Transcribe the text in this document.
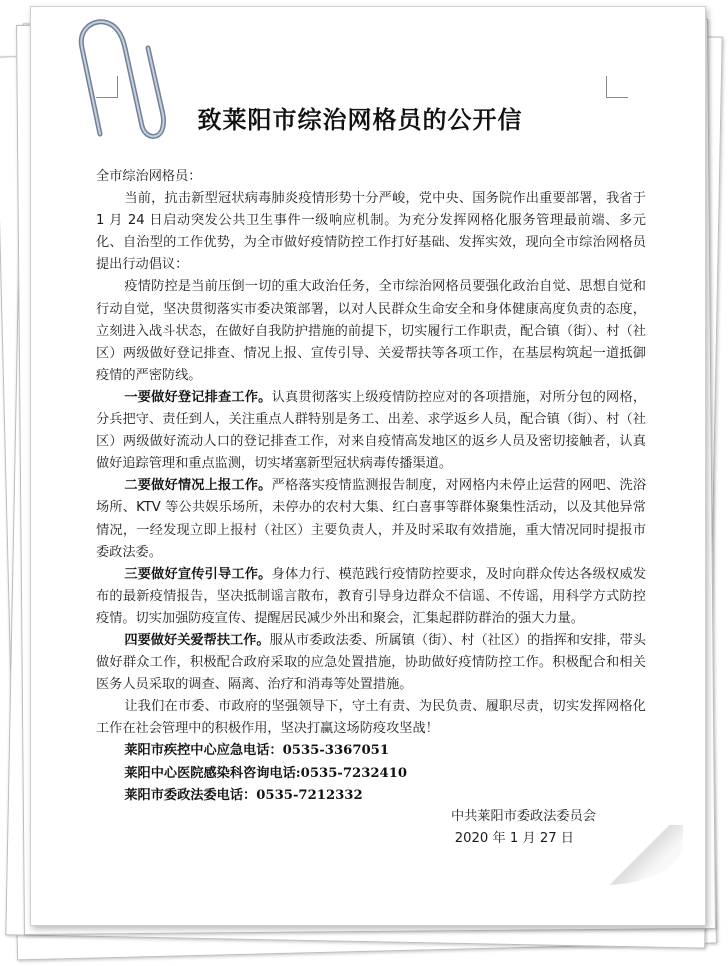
致莱阳市综治网格员的公开信

全市综治网格员：

当前，抗击新型冠状病毒肺炎疫情形势十分严峻，党中央、国务院作出重要部署，我省于 1 月 24 日启动突发公共卫生事件一级响应机制。为充分发挥网格化服务管理最前端、多元化、自治型的工作优势，为全市做好疫情防控工作打好基础、发挥实效，现向全市综治网格员提出行动倡议：

疫情防控是当前压倒一切的重大政治任务，全市综治网格员要强化政治自觉、思想自觉和行动自觉，坚决贯彻落实市委决策部署，以对人民群众生命安全和身体健康高度负责的态度，立刻进入战斗状态，在做好自我防护措施的前提下，切实履行工作职责，配合镇（街）、村（社区）两级做好登记排查、情况上报、宣传引导、关爱帮扶等各项工作，在基层构筑起一道抵御疫情的严密防线。

一要做好登记排查工作。认真贯彻落实上级疫情防控应对的各项措施，对所分包的网格，分兵把守、责任到人，关注重点人群特别是务工、出差、求学返乡人员，配合镇（街）、村（社区）两级做好流动人口的登记排查工作，对来自疫情高发地区的返乡人员及密切接触者，认真做好追踪管理和重点监测，切实堵塞新型冠状病毒传播渠道。

二要做好情况上报工作。严格落实疫情监测报告制度，对网格内未停止运营的网吧、洗浴场所、KTV 等公共娱乐场所，未停办的农村大集、红白喜事等群体聚集性活动，以及其他异常情况，一经发现立即上报村（社区）主要负责人，并及时采取有效措施，重大情况同时提报市委政法委。

三要做好宣传引导工作。身体力行、模范践行疫情防控要求，及时向群众传达各级权威发布的最新疫情报告，坚决抵制谣言散布，教育引导身边群众不信谣、不传谣，用科学方式防控疫情。切实加强防疫宣传、提醒居民减少外出和聚会，汇集起群防群治的强大力量。

四要做好关爱帮扶工作。服从市委政法委、所属镇（街）、村（社区）的指挥和安排，带头做好群众工作，积极配合政府采取的应急处置措施，协助做好疫情防控工作。积极配合和相关医务人员采取的调查、隔离、治疗和消毒等处置措施。

让我们在市委、市政府的坚强领导下，守土有责、为民负责、履职尽责，切实发挥网格化工作在社会管理中的积极作用，坚决打赢这场防疫攻坚战！

莱阳市疾控中心应急电话：0535-3367051

莱阳中心医院感染科咨询电话:0535-7232410

莱阳市委政法委电话：0535-7212332

中共莱阳市委政法委员会
2020 年 1 月 27 日
